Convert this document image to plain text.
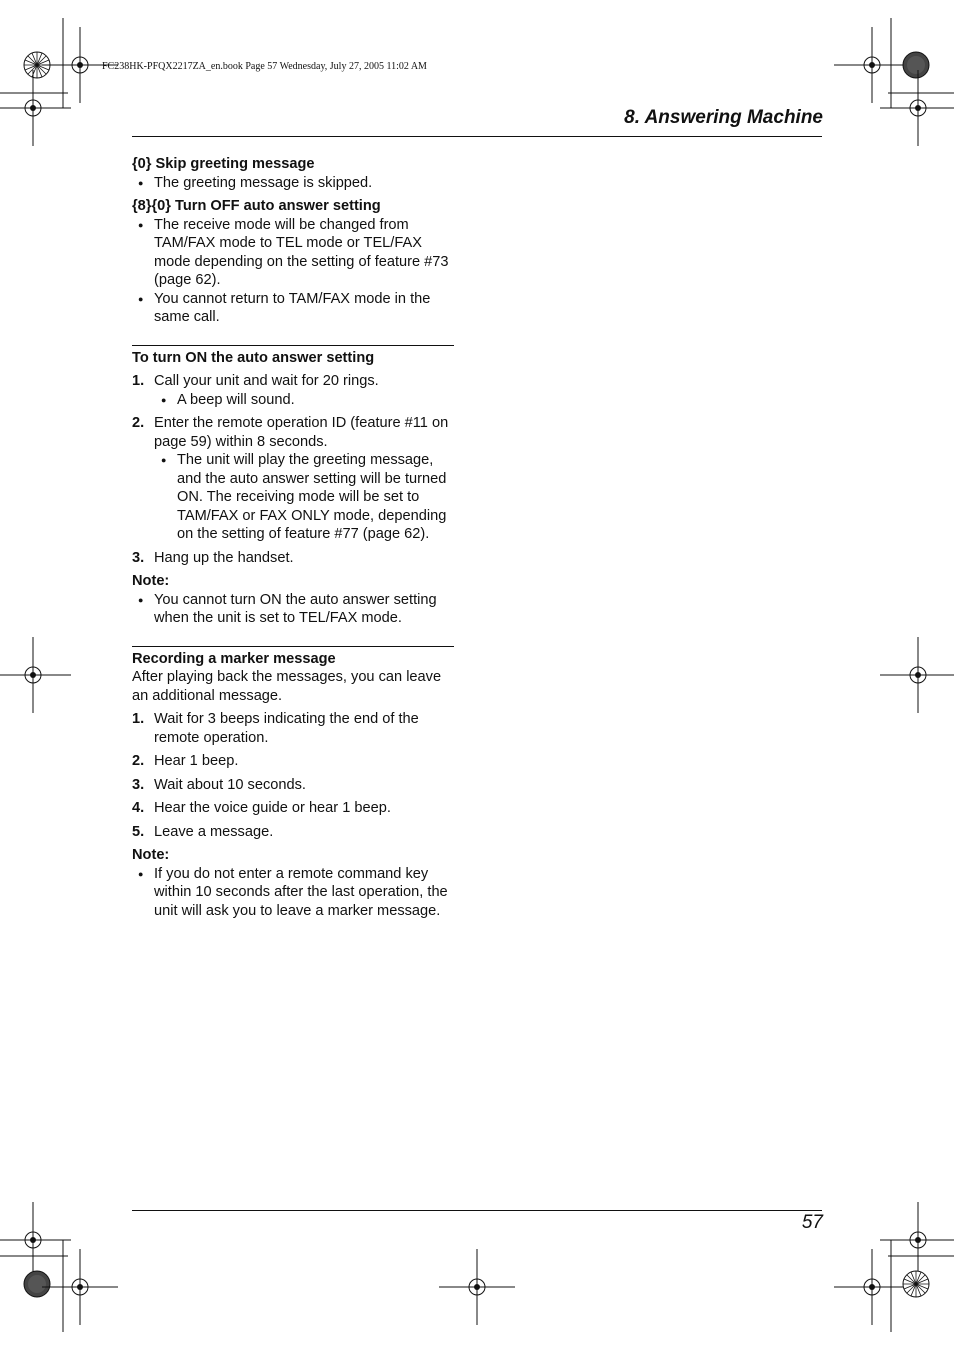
FC238HK-PFQX2217ZA_en.book Page 57 Wednesday, July 27, 2005 11:02 AM
8. Answering Machine

{0} Skip greeting message

● The greeting message is skipped.

{8}{0} Turn OFF auto answer setting

● The receive mode will be changed from TAM/FAX mode to TEL mode or TEL/FAX mode depending on the setting of feature #73 (page 62).

● You cannot return to TAM/FAX mode in the same call.

To turn ON the auto answer setting

1. Call your unit and wait for 20 rings.

● A beep will sound.

2. Enter the remote operation ID (feature #11 on page 59) within 8 seconds.

● The unit will play the greeting message, and the auto answer setting will be turned ON. The receiving mode will be set to TAM/FAX or FAX ONLY mode, depending on the setting of feature #77 (page 62).

3. Hang up the handset.

Note:

● You cannot turn ON the auto answer setting when the unit is set to TEL/FAX mode.

Recording a marker message

After playing back the messages, you can leave an additional message.

1. Wait for 3 beeps indicating the end of the remote operation.
2. Hear 1 beep.
3. Wait about 10 seconds.
4. Hear the voice guide or hear 1 beep.
5. Leave a message.

Note:

● If you do not enter a remote command key within 10 seconds after the last operation, the unit will ask you to leave a marker message.

57
